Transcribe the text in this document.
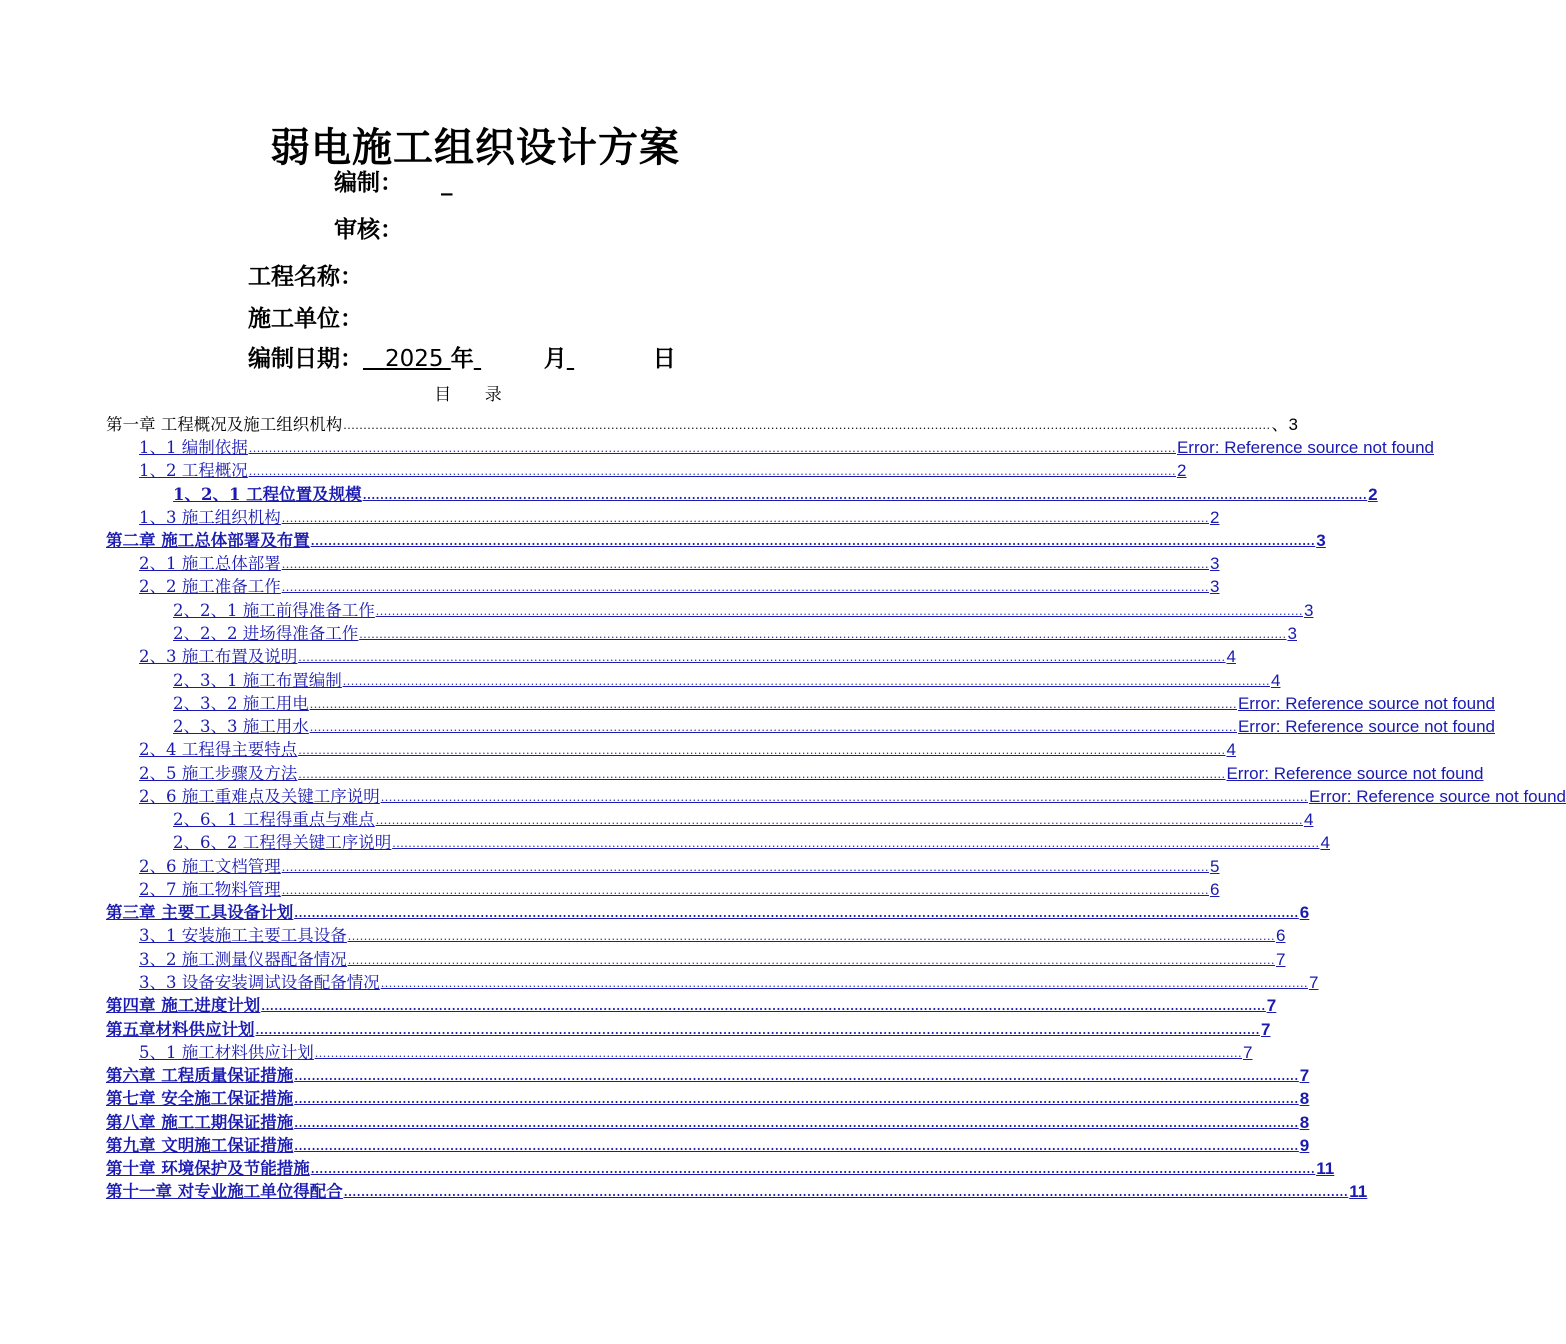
弱电施工组织设计方案
编制： _
审核：
工程名称：
施工单位：
编制日期： 2025 年	月	日
目 录
第一章 工程概况及施工组织机构 ........................................................................................................................................................................................................................................ 、3
1、1 编制依据 ........................................................................................................................................................................................................................................ Error: Reference source not found
1、2 工程概况 ........................................................................................................................................................................................................................................ 2
1、2、1 工程位置及规模 ........................................................................................................................................................................................................................................ 2
1、3 施工组织机构 ........................................................................................................................................................................................................................................ 2
第二章 施工总体部署及布置 ........................................................................................................................................................................................................................................ 3
2、1 施工总体部署 ........................................................................................................................................................................................................................................ 3
2、2 施工准备工作 ........................................................................................................................................................................................................................................ 3
2、2、1 施工前得准备工作 ........................................................................................................................................................................................................................................ 3
2、2、2 进场得准备工作 ........................................................................................................................................................................................................................................ 3
2、3 施工布置及说明 ........................................................................................................................................................................................................................................ 4
2、3、1 施工布置编制 ........................................................................................................................................................................................................................................ 4
2、3、2 施工用电 ........................................................................................................................................................................................................................................ Error: Reference source not found
2、3、3 施工用水 ........................................................................................................................................................................................................................................ Error: Reference source not found
2、4 工程得主要特点 ........................................................................................................................................................................................................................................ 4
2、5 施工步骤及方法 ........................................................................................................................................................................................................................................ Error: Reference source not found
2、6 施工重难点及关键工序说明 ........................................................................................................................................................................................................................................ Error: Reference source not found
2、6、1 工程得重点与难点 ........................................................................................................................................................................................................................................ 4
2、6、2 工程得关键工序说明 ........................................................................................................................................................................................................................................ 4
2、6 施工文档管理 ........................................................................................................................................................................................................................................ 5
2、7 施工物料管理 ........................................................................................................................................................................................................................................ 6
第三章 主要工具设备计划 ........................................................................................................................................................................................................................................ 6
3、1 安装施工主要工具设备 ........................................................................................................................................................................................................................................ 6
3、2 施工测量仪器配备情况 ........................................................................................................................................................................................................................................ 7
3、3 设备安装调试设备配备情况 ........................................................................................................................................................................................................................................ 7
第四章 施工进度计划 ........................................................................................................................................................................................................................................ 7
第五章材料供应计划 ........................................................................................................................................................................................................................................ 7
5、1 施工材料供应计划 ........................................................................................................................................................................................................................................ 7
第六章 工程质量保证措施 ........................................................................................................................................................................................................................................ 7
第七章 安全施工保证措施 ........................................................................................................................................................................................................................................ 8
第八章 施工工期保证措施 ........................................................................................................................................................................................................................................ 8
第九章 文明施工保证措施 ........................................................................................................................................................................................................................................ 9
第十章 环境保护及节能措施 ........................................................................................................................................................................................................................................ 11
第十一章 对专业施工单位得配合 ........................................................................................................................................................................................................................................ 11
